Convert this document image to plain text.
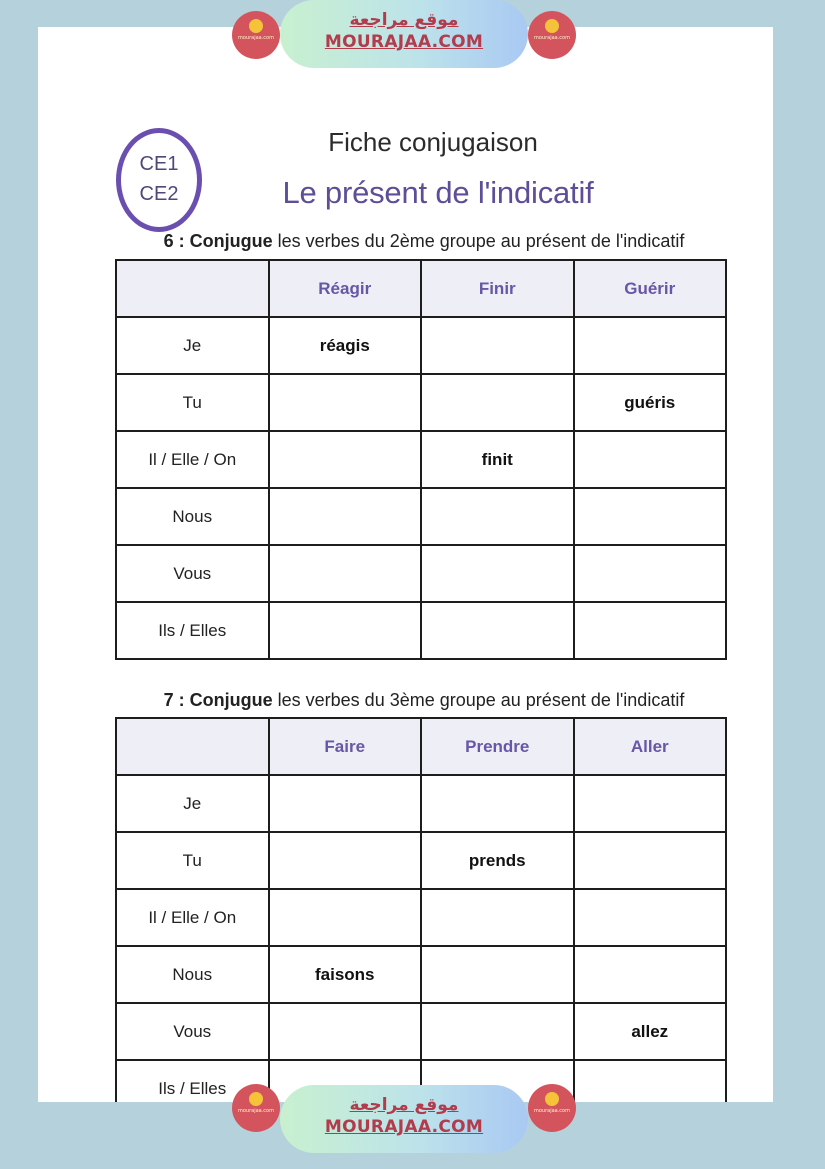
mourajaa.com
موقع مراجعة
MOURAJAA.COM	mourajaa.com
CE1
CE2
Fiche conjugaison
Le présent de l'indicatif
6 : Conjugue les verbes du 2ème groupe au présent de l'indicatif
	Réagir	Finir	Guérir
Je	réagis		
Tu			guéris
Il / Elle / On		finit	
Nous			
Vous			
Ils / Elles			
7 : Conjugue les verbes du 3ème groupe au présent de l'indicatif
	Faire	Prendre	Aller
Je			
Tu		prends	
Il / Elle / On			
Nous	faisons		
Vous			allez
Ils / Elles			
mourajaa.com	موقع مراجعة
MOURAJAA.COM
mourajaa.com
